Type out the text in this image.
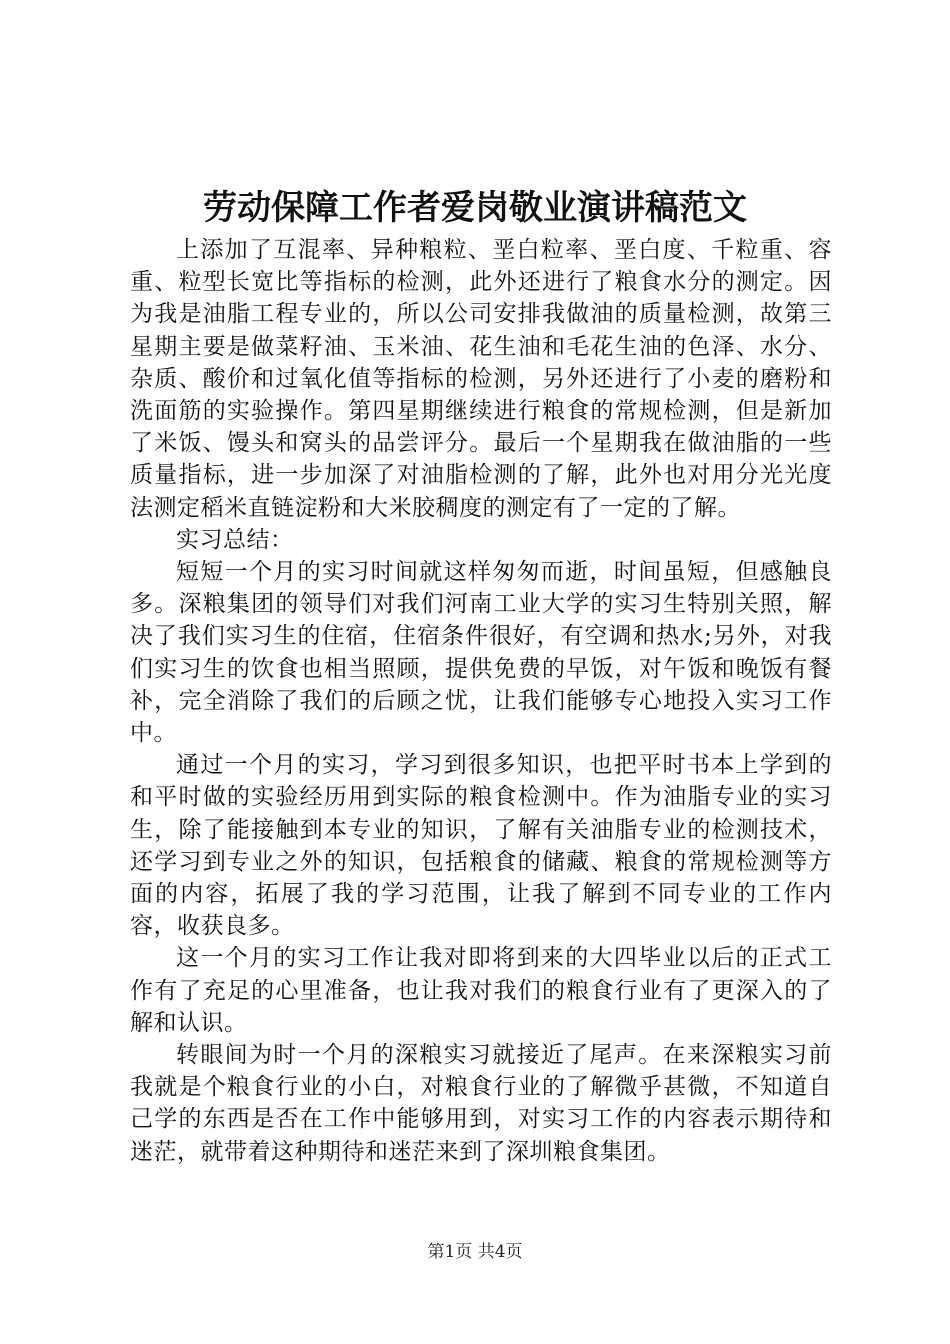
劳动保障工作者爱岗敬业演讲稿范文

上添加了互混率、异种粮粒、垩白粒率、垩白度、千粒重、容重、粒型长宽比等指标的检测，此外还进行了粮食水分的测定。因为我是油脂工程专业的，所以公司安排我做油的质量检测，故第三星期主要是做菜籽油、玉米油、花生油和毛花生油的色泽、水分、杂质、酸价和过氧化值等指标的检测，另外还进行了小麦的磨粉和洗面筋的实验操作。第四星期继续进行粮食的常规检测，但是新加了米饭、馒头和窝头的品尝评分。最后一个星期我在做油脂的一些质量指标，进一步加深了对油脂检测的了解，此外也对用分光光度法测定稻米直链淀粉和大米胶稠度的测定有了一定的了解。

实习总结：

短短一个月的实习时间就这样匆匆而逝，时间虽短，但感触良多。深粮集团的领导们对我们河南工业大学的实习生特别关照，解决了我们实习生的住宿，住宿条件很好，有空调和热水;另外，对我们实习生的饮食也相当照顾，提供免费的早饭，对午饭和晚饭有餐补，完全消除了我们的后顾之忧，让我们能够专心地投入实习工作中。

通过一个月的实习，学习到很多知识，也把平时书本上学到的和平时做的实验经历用到实际的粮食检测中。作为油脂专业的实习生，除了能接触到本专业的知识，了解有关油脂专业的检测技术，还学习到专业之外的知识，包括粮食的储藏、粮食的常规检测等方面的内容，拓展了我的学习范围，让我了解到不同专业的工作内容，收获良多。

这一个月的实习工作让我对即将到来的大四毕业以后的正式工作有了充足的心里准备，也让我对我们的粮食行业有了更深入的了解和认识。

转眼间为时一个月的深粮实习就接近了尾声。在来深粮实习前我就是个粮食行业的小白，对粮食行业的了解微乎甚微，不知道自己学的东西是否在工作中能够用到，对实习工作的内容表示期待和迷茫，就带着这种期待和迷茫来到了深圳粮食集团。

第1页 共4页
